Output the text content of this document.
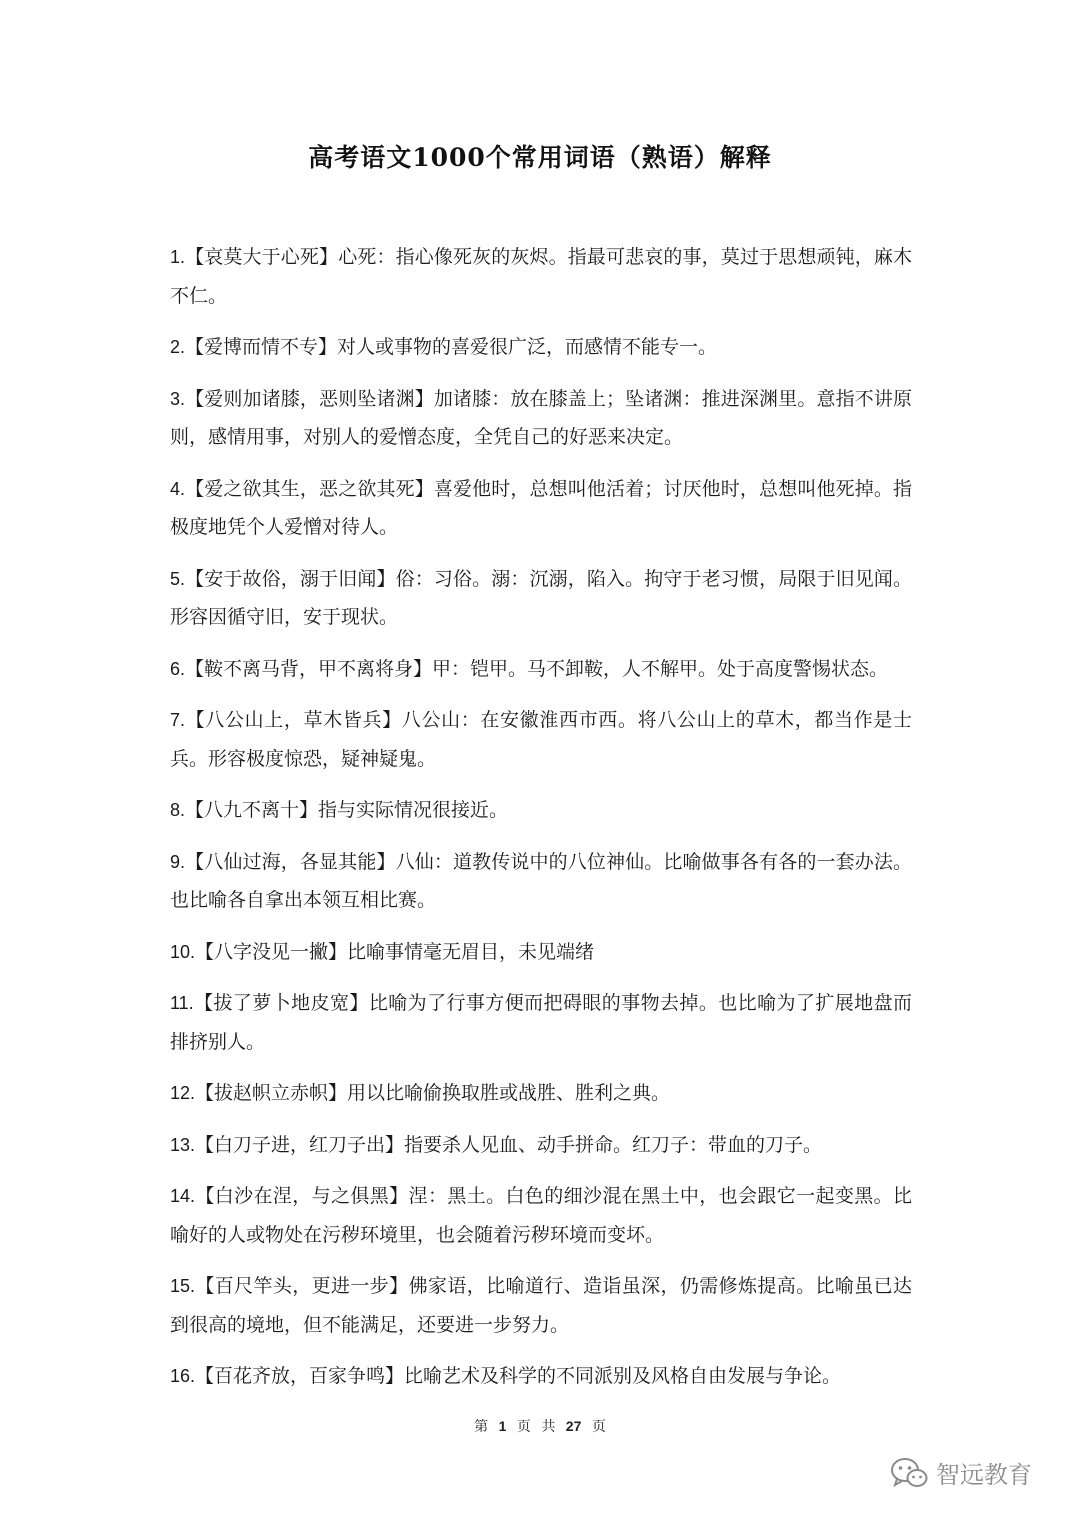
高考语文1000个常用词语（熟语）解释

1.【哀莫大于心死】心死：指心像死灰的灰烬。指最可悲哀的事，莫过于思想顽钝，麻木不仁。

2.【爱博而情不专】对人或事物的喜爱很广泛，而感情不能专一。

3.【爱则加诸膝，恶则坠诸渊】加诸膝：放在膝盖上；坠诸渊：推进深渊里。意指不讲原则，感情用事，对别人的爱憎态度，全凭自己的好恶来决定。

4.【爱之欲其生，恶之欲其死】喜爱他时，总想叫他活着；讨厌他时，总想叫他死掉。指极度地凭个人爱憎对待人。

5.【安于故俗，溺于旧闻】俗：习俗。溺：沉溺，陷入。拘守于老习惯，局限于旧见闻。形容因循守旧，安于现状。

6.【鞍不离马背，甲不离将身】甲：铠甲。马不卸鞍，人不解甲。处于高度警惕状态。

7.【八公山上，草木皆兵】八公山：在安徽淮西市西。将八公山上的草木，都当作是士兵。形容极度惊恐，疑神疑鬼。

8.【八九不离十】指与实际情况很接近。

9.【八仙过海，各显其能】八仙：道教传说中的八位神仙。比喻做事各有各的一套办法。也比喻各自拿出本领互相比赛。

10.【八字没见一撇】比喻事情毫无眉目，未见端绪

11.【拔了萝卜地皮宽】比喻为了行事方便而把碍眼的事物去掉。也比喻为了扩展地盘而排挤别人。

12.【拔赵帜立赤帜】用以比喻偷换取胜或战胜、胜利之典。

13.【白刀子进，红刀子出】指要杀人见血、动手拼命。红刀子：带血的刀子。

14.【白沙在涅，与之俱黑】涅：黑土。白色的细沙混在黑土中，也会跟它一起变黑。比喻好的人或物处在污秽环境里，也会随着污秽环境而变坏。

15.【百尺竿头，更进一步】佛家语，比喻道行、造诣虽深，仍需修炼提高。比喻虽已达到很高的境地，但不能满足，还要进一步努力。

16.【百花齐放，百家争鸣】比喻艺术及科学的不同派别及风格自由发展与争论。

第 1 页 共 27 页
智远教育
